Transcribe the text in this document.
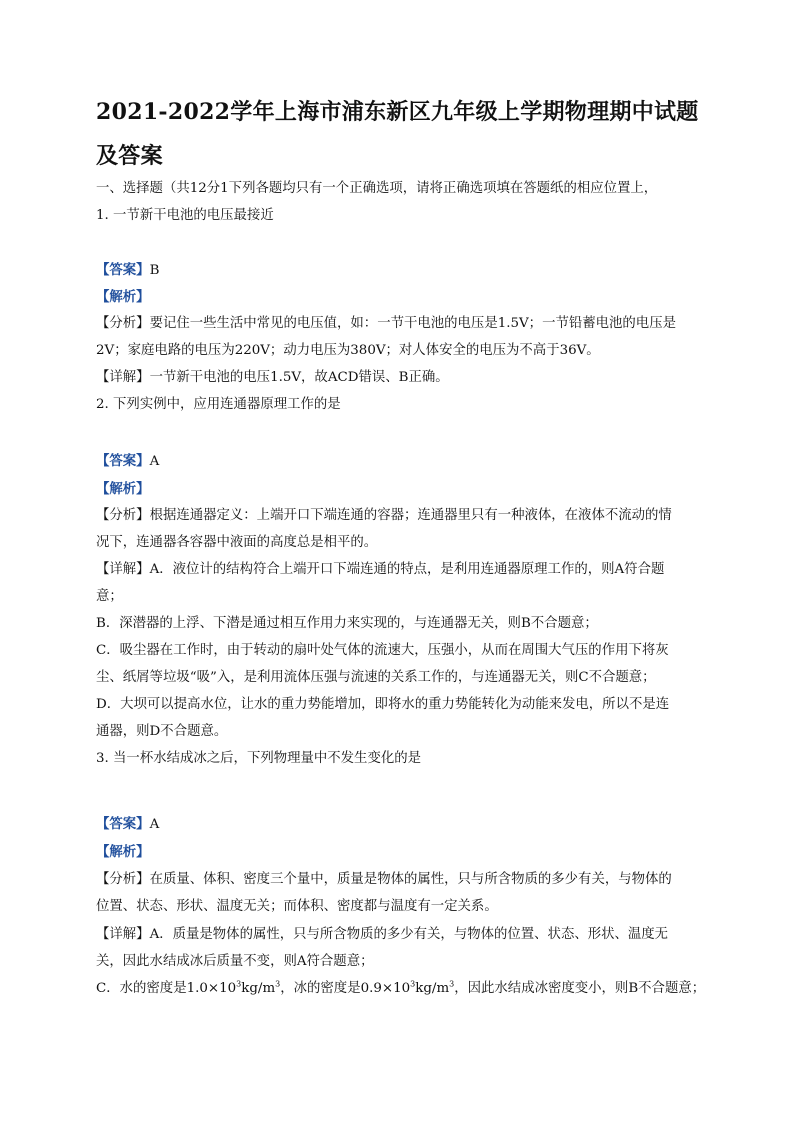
2021-2022学年上海市浦东新区九年级上学期物理期中试题及答案
一、选择题（共12分1下列各题均只有一个正确选项，请将正确选项填在答题纸的相应位置上，
1. 一节新干电池的电压最接近
【答案】B
【解析】
【分析】要记住一些生活中常见的电压值，如：一节干电池的电压是1.5V；一节铅蓄电池的电压是
2V；家庭电路的电压为220V；动力电压为380V；对人体安全的电压为不高于36V。
【详解】一节新干电池的电压1.5V，故ACD错误、B正确。
2. 下列实例中，应用连通器原理工作的是
【答案】A
【解析】
【分析】根据连通器定义：上端开口下端连通的容器；连通器里只有一种液体，在液体不流动的情
况下，连通器各容器中液面的高度总是相平的。
【详解】A．液位计的结构符合上端开口下端连通的特点，是利用连通器原理工作的，则A符合题
意；
B．深潜器的上浮、下潜是通过相互作用力来实现的，与连通器无关，则B不合题意；
C．吸尘器在工作时，由于转动的扇叶处气体的流速大，压强小，从而在周围大气压的作用下将灰
尘、纸屑等垃圾“吸”入，是利用流体压强与流速的关系工作的，与连通器无关，则C不合题意；
D．大坝可以提高水位，让水的重力势能增加，即将水的重力势能转化为动能来发电，所以不是连
通器，则D不合题意。
3. 当一杯水结成冰之后，下列物理量中不发生变化的是
【答案】A
【解析】
【分析】在质量、体积、密度三个量中，质量是物体的属性，只与所含物质的多少有关，与物体的
位置、状态、形状、温度无关；而体积、密度都与温度有一定关系。
【详解】A．质量是物体的属性，只与所含物质的多少有关，与物体的位置、状态、形状、温度无
关，因此水结成冰后质量不变，则A符合题意；
C．水的密度是$1.0\times 10^3kg/m^3$，冰的密度是$0.9\times 10^3kg/m^3$，因此水结成冰密度变小，则B不合题意；
